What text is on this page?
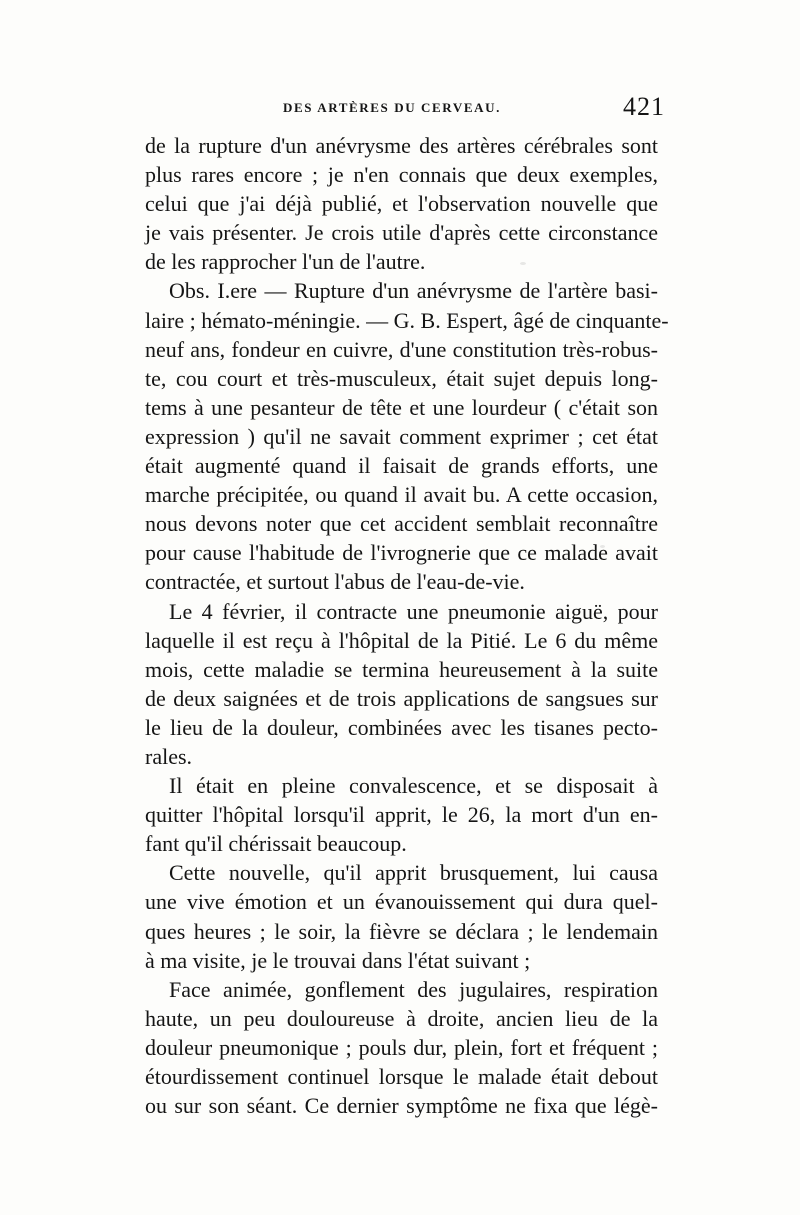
DES ARTÈRES DU CERVEAU.	421
de la rupture d'un anévrysme des artères cérébrales sont
plus rares encore ; je n'en connais que deux exemples,
celui que j'ai déjà publié, et l'observation nouvelle que
je vais présenter. Je crois utile d'après cette circonstance
de les rapprocher l'un de l'autre.
Obs. I.ere — Rupture d'un anévrysme de l'artère basi-
laire ; hémato-méningie. — G. B. Espert, âgé de cinquante-
neuf ans, fondeur en cuivre, d'une constitution très-robus-
te, cou court et très-musculeux, était sujet depuis long-
tems à une pesanteur de tête et une lourdeur ( c'était son
expression ) qu'il ne savait comment exprimer ; cet état
était augmenté quand il faisait de grands efforts, une
marche précipitée, ou quand il avait bu. A cette occasion,
nous devons noter que cet accident semblait reconnaître
pour cause l'habitude de l'ivrognerie que ce malade avait
contractée, et surtout l'abus de l'eau-de-vie.
Le 4 février, il contracte une pneumonie aiguë, pour
laquelle il est reçu à l'hôpital de la Pitié. Le 6 du même
mois, cette maladie se termina heureusement à la suite
de deux saignées et de trois applications de sangsues sur
le lieu de la douleur, combinées avec les tisanes pecto-
rales.
Il était en pleine convalescence, et se disposait à
quitter l'hôpital lorsqu'il apprit, le 26, la mort d'un en-
fant qu'il chérissait beaucoup.
Cette nouvelle, qu'il apprit brusquement, lui causa
une vive émotion et un évanouissement qui dura quel-
ques heures ; le soir, la fièvre se déclara ; le lendemain
à ma visite, je le trouvai dans l'état suivant ;
Face animée, gonflement des jugulaires, respiration
haute, un peu douloureuse à droite, ancien lieu de la
douleur pneumonique ; pouls dur, plein, fort et fréquent ;
étourdissement continuel lorsque le malade était debout
ou sur son séant. Ce dernier symptôme ne fixa que légè-
